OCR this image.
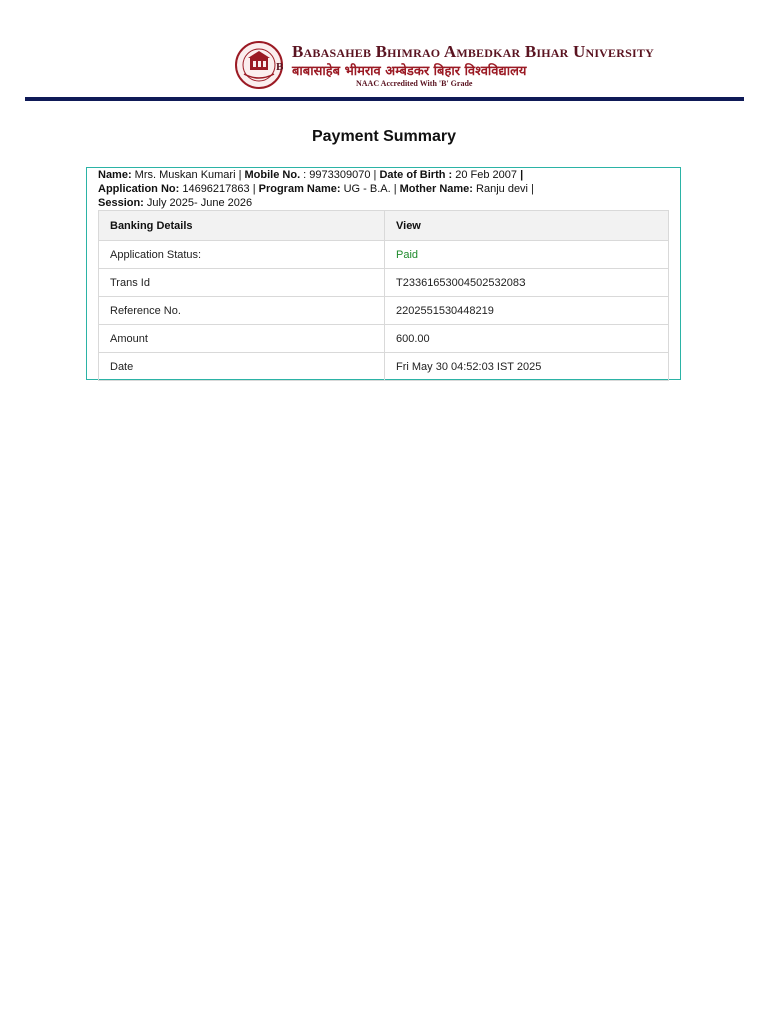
B
Babasaheb Bhimrao Ambedkar Bihar University
बाबासाहेब भीमराव अम्बेडकर बिहार विश्वविद्यालय
NAAC Accredited With 'B' Grade
Payment Summary
Name: Mrs. Muskan Kumari | Mobile No. : 9973309070 | Date of Birth : 20 Feb 2007 |
Application No: 14696217863 | Program Name: UG - B.A. | Mother Name: Ranju devi |
Session: July 2025- June 2026
Banking Details	View
Application Status:	Paid
Trans Id	T2336165300450253208З
Reference No.	2202551530448219
Amount	600.00
Date	Fri May 30 04:52:03 IST 2025
